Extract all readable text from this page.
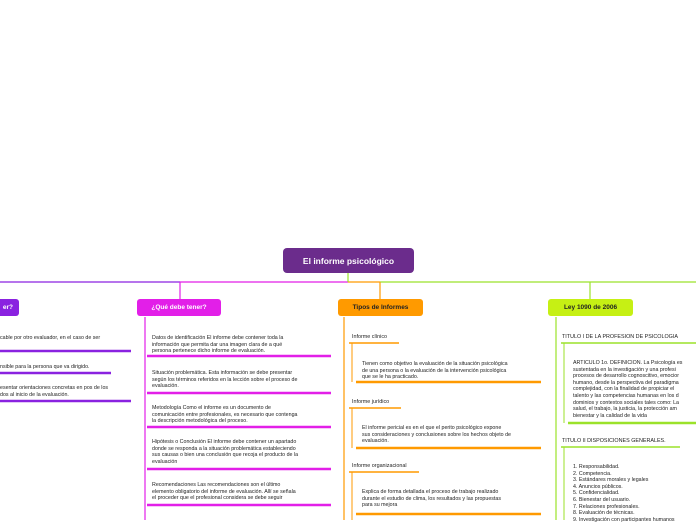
El informe psicológico
er?	¿Qué debe tener?	Tipos de Informes	Ley 1090 de 2006
cable por otro evaluador, en el caso de ser
nsible para la persona que va dirigido.
esentar orientaciones concretas en pos de los
dos al inicio de la evaluación.
Datos de identificación El informe debe contener toda la
información que permita dar una imagen clara de a qué
persona pertenece dicho informe de evaluación.
Situación problemática. Esta información se debe presentar
según los términos referidos en la lección sobre el proceso de
evaluación.
Metodología Como el informe es un documento de
comunicación entre profesionales, es necesario que contenga
la descripción metodológica del proceso.
Hipótesis o Conclusión El informe debe contener un apartado
donde se responda a la situación problemática estableciendo
sus causas o bien una conclusión que recoja el producto de la
evaluación
Recomendaciones Las recomendaciones son el último
elemento obligatorio del informe de evaluación. Allí se señala
el proceder que el profesional considera se debe seguir
Informe clínico
Tienen como objetivo la evaluación de la situación psicológica
de una persona o la evaluación de la intervención psicológica
que se le ha practicado.
Informe jurídico
El informe pericial es en el que el perito psicológico expone
sus consideraciones y conclusiones sobre los hechos objeto de
evaluación.
Informe organizacional
Explica de forma detallada el proceso de trabajo realizado
durante el estudio de clima, los resultados y las propuestas
para su mejora
TITULO I DE LA PROFESION DE PSICOLOGIA
ARTÍCULO 1o. DEFINICIÓN. La Psicología es
sustentada en la investigación y una profesi
procesos de desarrollo cognoscitivo, emocior
humano, desde la perspectiva del paradigma
complejidad, con la finalidad de propiciar el
talento y las competencias humanas en los d
dominios y contextos sociales tales como: La
salud, el trabajo, la justicia, la protección am
bienestar y la calidad de la vida
TITULO II DISPOSICIONES GENERALES.
1. Responsabilidad.
2. Competencia.
3. Estándares morales y legales
4. Anuncios públicos.
5. Confidencialidad.
6. Bienestar del usuario.
7. Relaciones profesionales.
8. Evaluación de técnicas.
9. Investigación con participantes humanos
